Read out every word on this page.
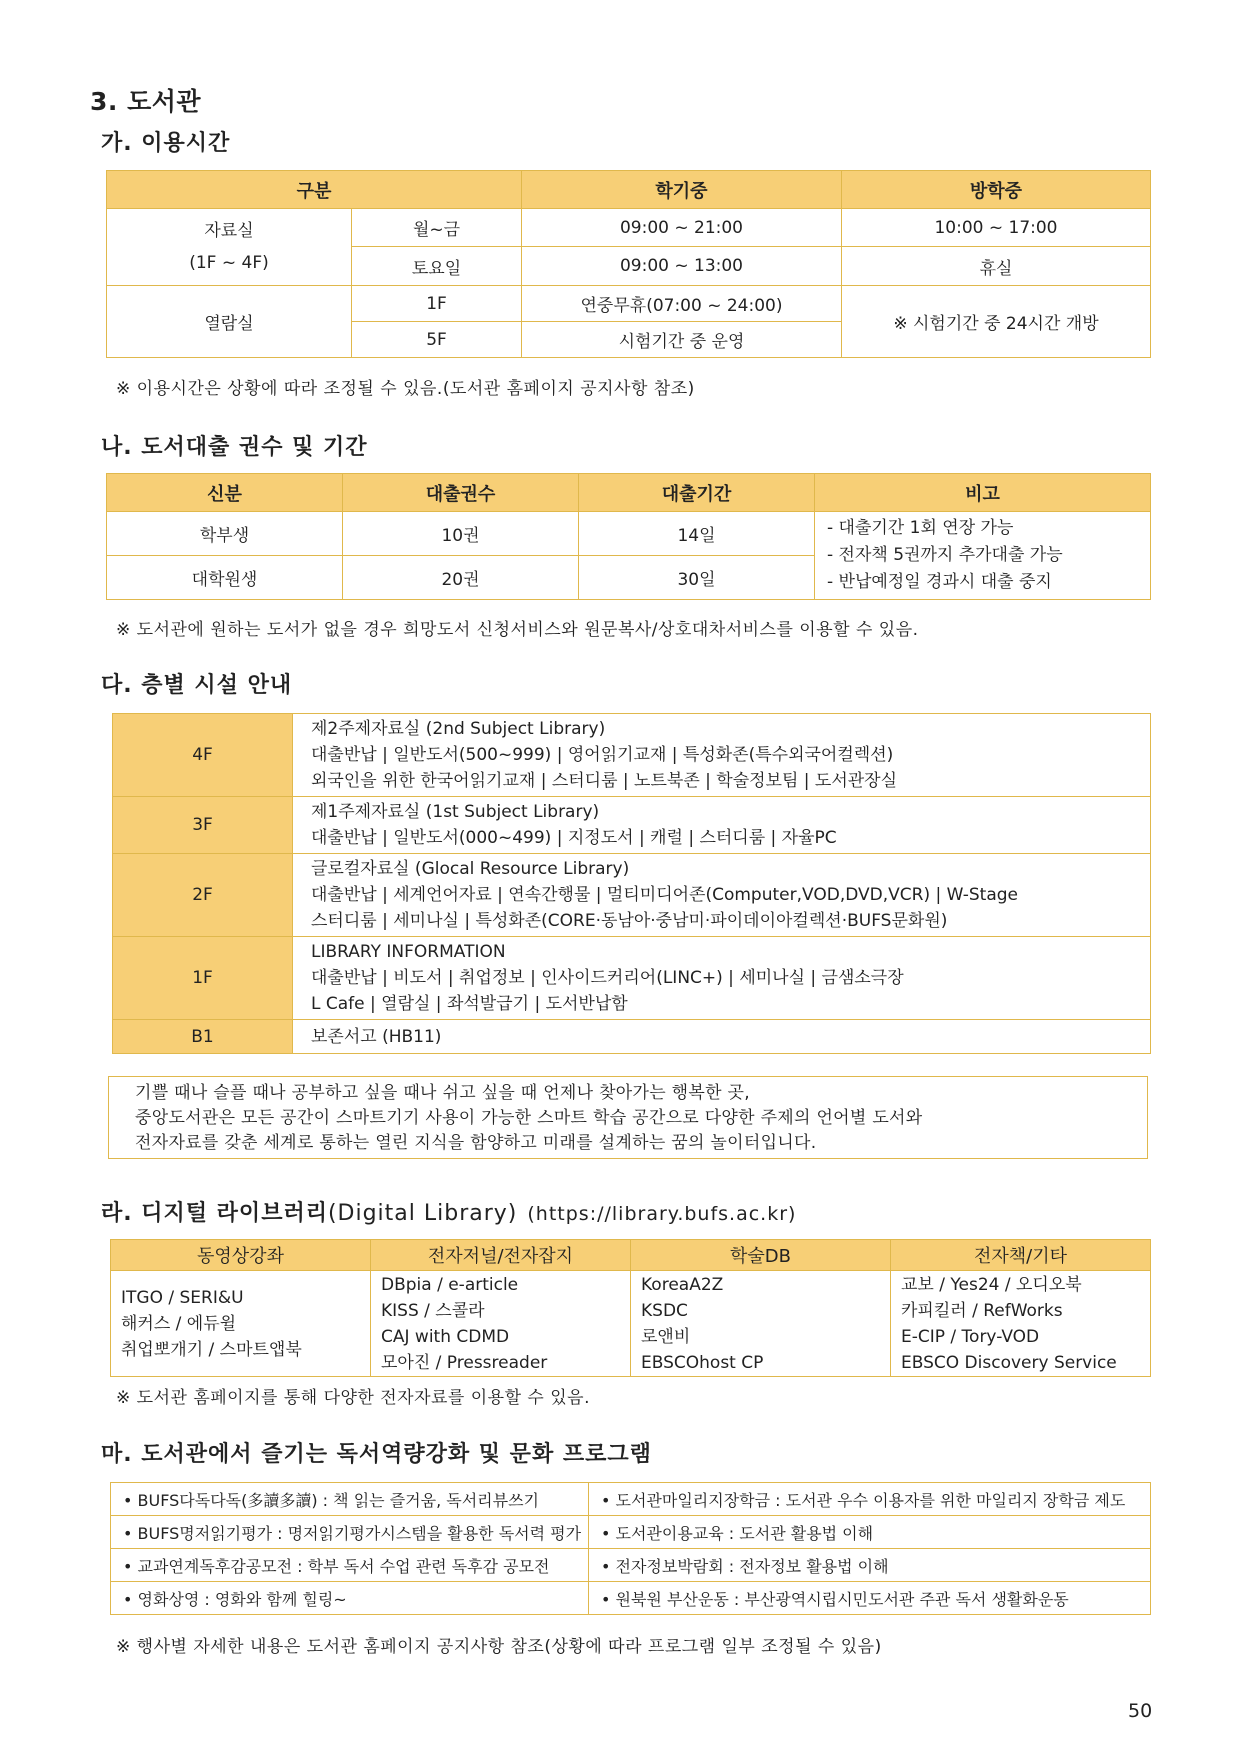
3. 도서관
가. 이용시간
구분		학기중	방학중

자료실
(1F ~ 4F)	월~금	09:00 ~ 21:00	10:00 ~ 17:00
	토요일	09:00 ~ 13:00	휴실
열람실	1F	연중무휴(07:00 ~ 24:00)	※ 시험기간 중 24시간 개방
	5F	시험기간 중 운영	

※ 이용시간은 상황에 따라 조정될 수 있음.(도서관 홈페이지 공지사항 참조)

나. 도서대출 권수 및 기간
신분	대출권수	대출기간	비고
학부생	10권	14일	- 대출기간 1회 연장 가능
- 전자책 5권까지 추가대출 가능
- 반납예정일 경과시 대출 중지

대학원생	20권	30일	

※ 도서관에 원하는 도서가 없을 경우 희망도서 신청서비스와 원문복사/상호대차서비스를 이용할 수 있음.

다. 층별 시설 안내
4F	제2주제자료실 (2nd Subject Library)
대출반납 | 일반도서(500~999) | 영어읽기교재 | 특성화존(특수외국어컬렉션)
외국인을 위한 한국어읽기교재 | 스터디룸 | 노트북존 | 학술정보팀 | 도서관장실

3F	제1주제자료실 (1st Subject Library)
대출반납 | 일반도서(000~499) | 지정도서 | 캐럴 | 스터디룸 | 자율PC

2F	글로컬자료실 (Glocal Resource Library)
대출반납 | 세계언어자료 | 연속간행물 | 멀티미디어존(Computer,VOD,DVD,VCR) | W-Stage
스터디룸 | 세미나실 | 특성화존(CORE·동남아·중남미·파이데이아컬렉션·BUFS문화원)

1F	LIBRARY INFORMATION
대출반납 | 비도서 | 취업정보 | 인사이드커리어(LINC+) | 세미나실 | 금샘소극장
L Cafe | 열람실 | 좌석발급기 | 도서반납함

B1	보존서고 (HB11)
기쁠 때나 슬플 때나 공부하고 싶을 때나 쉬고 싶을 때 언제나 찾아가는 행복한 곳,
중앙도서관은 모든 공간이 스마트기기 사용이 가능한 스마트 학습 공간으로 다양한 주제의 언어별 도서와
전자자료를 갖춘 세계로 통하는 열린 지식을 함양하고 미래를 설계하는 꿈의 놀이터입니다.
라. 디지털 라이브러리(Digital Library) (https://library.bufs.ac.kr)
동영상강좌	전자저널/전자잡지	학술DB	전자책/기타

ITGO / SERI&U
해커스 / 에듀윌
취업뽀개기 / 스마트앱북	DBpia / e-article
KISS / 스콜라
CAJ with CDMD
모아진 / Pressreader	KoreaA2Z
KSDC
로앤비
EBSCOhost CP	교보 / Yes24 / 오디오북
카피킬러 / RefWorks
E-CIP / Tory-VOD
EBSCO Discovery Service

※ 도서관 홈페이지를 통해 다양한 전자자료를 이용할 수 있음.

마. 도서관에서 즐기는 독서역량강화 및 문화 프로그램
• BUFS다독다독(多讀多讀) : 책 읽는 즐거움, 독서리뷰쓰기	• 도서관마일리지장학금 : 도서관 우수 이용자를 위한 마일리지 장학금 제도
• BUFS명저읽기평가 : 명저읽기평가시스템을 활용한 독서력 평가	• 도서관이용교육 : 도서관 활용법 이해
• 교과연계독후감공모전 : 학부 독서 수업 관련 독후감 공모전	• 전자정보박람회 : 전자정보 활용법 이해
• 영화상영 : 영화와 함께 힐링~	• 원북원 부산운동 : 부산광역시립시민도서관 주관 독서 생활화운동

※ 행사별 자세한 내용은 도서관 홈페이지 공지사항 참조(상황에 따라 프로그램 일부 조정될 수 있음)

50
